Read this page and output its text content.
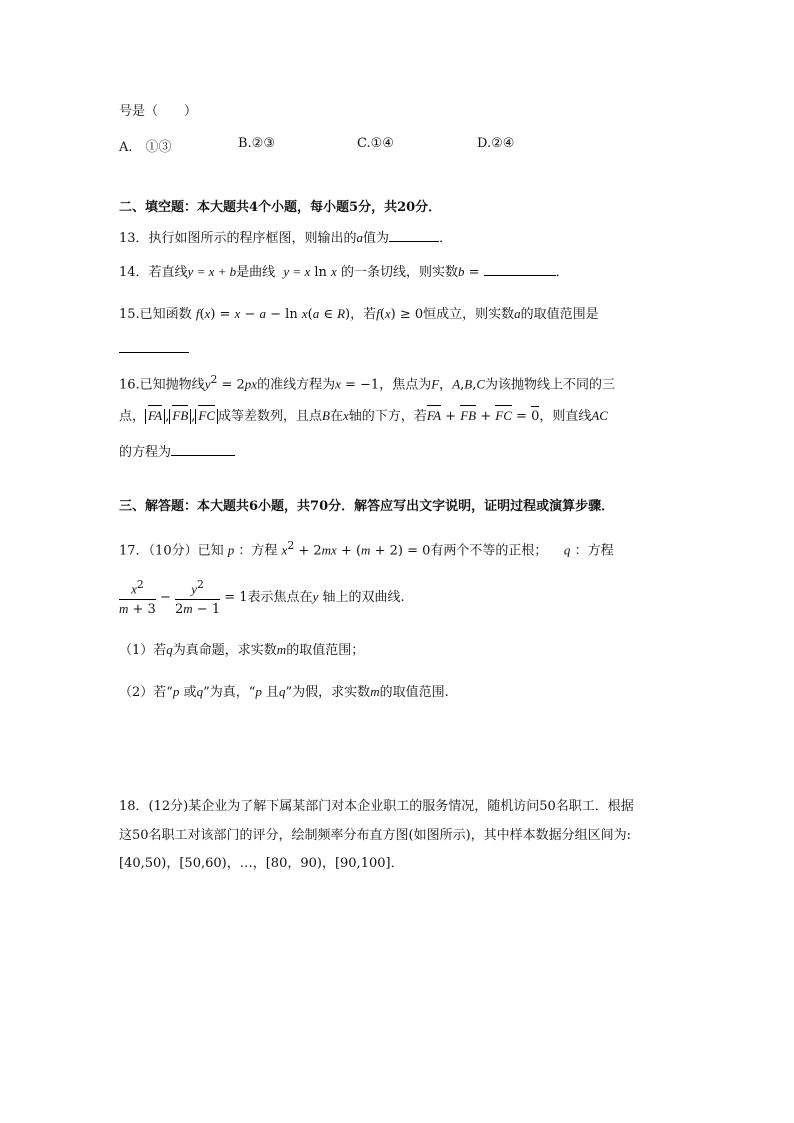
号是（　　）
A.　①③	B.②③	C.①④	D.②④
二、填空题：本大题共4个小题，每小题5分，共20分．
13．执行如图所示的程序框图，则输出的a值为	．
14．若直线y = x + b是曲线 y = x ln x 的一条切线，则实数b =	．
15.已知函数 f(x) = x − a − ln x(a ∈ R)，若f(x) ≥ 0恒成立，则实数a的取值范围是
16.已知抛物线$y^2 = 2px$的准线方程为x = −1，焦点为F，A,B,C为该抛物线上不同的三
点， FA , FB , FC 成等差数列，且点B在x轴的下方，若FA + FB + FC = 0，则直线AC
的方程为
三、解答题：本大题共6小题，共70分．解答应写出文字说明，证明过程或演算步骤．
17．（10分）已知 p ：方程 $x^2 + 2mx + (m + 2) = 0$有两个不等的正根； q ：方程
$\frac{x^2}{m + 3} - \frac{y^2}{2m - 1} = 1$表示焦点在y 轴上的双曲线.
（1）若q为真命题，求实数m的取值范围；
（2）若“p 或q”为真，“p 且q”为假，求实数m的取值范围.
18．(12分)某企业为了解下属某部门对本企业职工的服务情况，随机访问50名职工．根据
这50名职工对该部门的评分，绘制频率分布直方图(如图所示)，其中样本数据分组区间为:
[40,50)，[50,60)，…，[80，90)，[90,100]．
